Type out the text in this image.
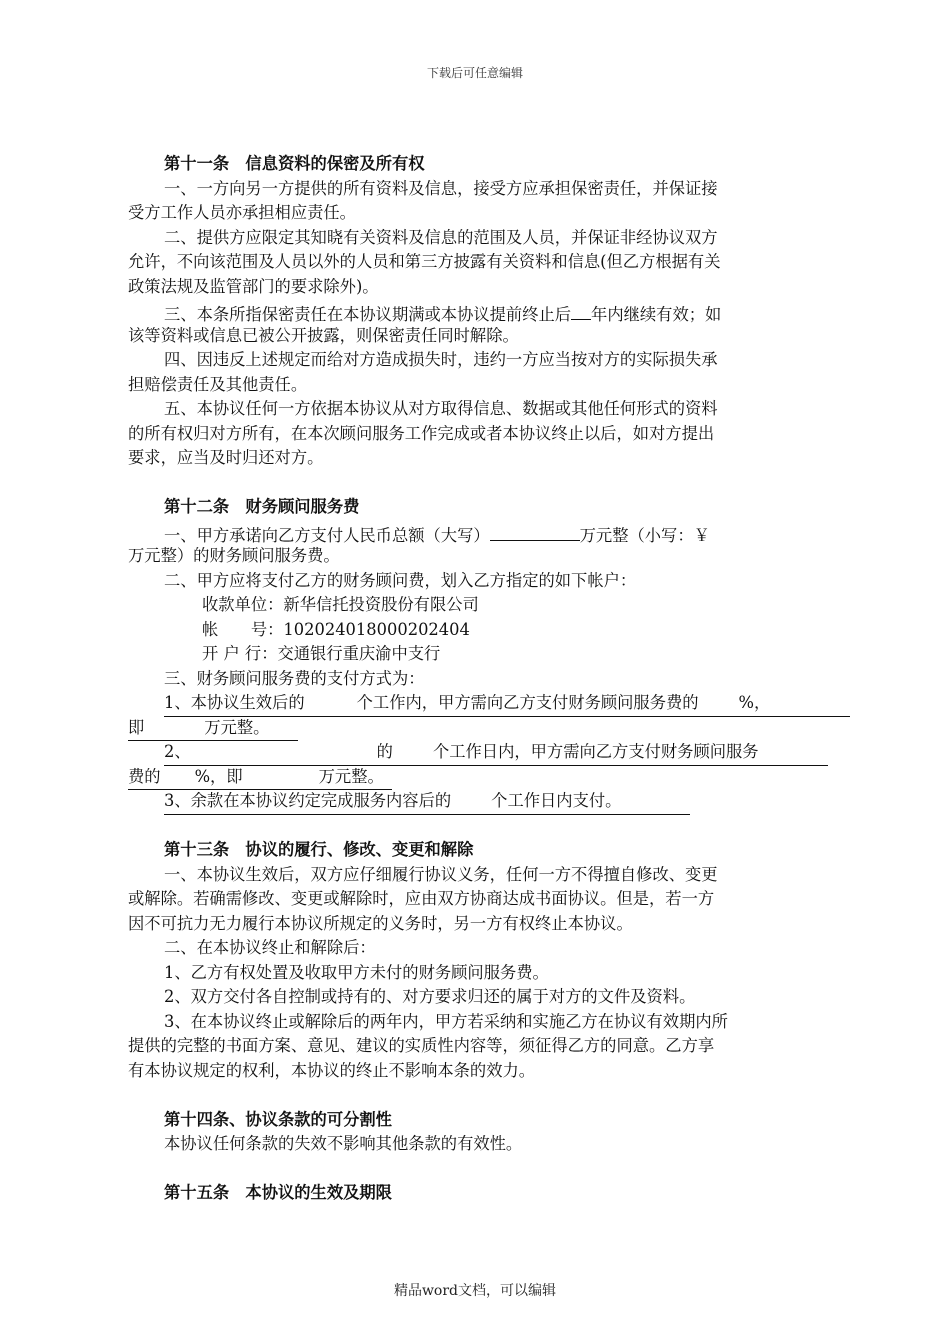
下载后可任意编辑
第十一条　信息资料的保密及所有权
一、一方向另一方提供的所有资料及信息，接受方应承担保密责任，并保证接
受方工作人员亦承担相应责任。
二、提供方应限定其知晓有关资料及信息的范围及人员，并保证非经协议双方
允许，不向该范围及人员以外的人员和第三方披露有关资料和信息(但乙方根据有关
政策法规及监管部门的要求除外)。
三、本条所指保密责任在本协议期满或本协议提前终止后 年内继续有效；如
该等资料或信息已被公开披露，则保密责任同时解除。
四、因违反上述规定而给对方造成损失时，违约一方应当按对方的实际损失承
担赔偿责任及其他责任。
五、本协议任何一方依据本协议从对方取得信息、数据或其他任何形式的资料
的所有权归对方所有，在本次顾问服务工作完成或者本协议终止以后，如对方提出
要求，应当及时归还对方。
第十二条　财务顾问服务费
一、甲方承诺向乙方支付人民币总额（大写）	万元整（小写：￥
万元整）的财务顾问服务费。
二、甲方应将支付乙方的财务顾问费，划入乙方指定的如下帐户：
收款单位：新华信托投资股份有限公司
帐　　号：102024018000202404
开 户 行：交通银行重庆渝中支行
三、财务顾问服务费的支付方式为：
1、本协议生效后的	个工作内，甲方需向乙方支付财务顾问服务费的 %，
即	万元整。
2、	的 个工作日内，甲方需向乙方支付财务顾问服务
费的 %，即	万元整。
3、余款在本协议约定完成服务内容后的 个工作日内支付。
第十三条　协议的履行、修改、变更和解除
一、本协议生效后，双方应仔细履行协议义务，任何一方不得擅自修改、变更
或解除。若确需修改、变更或解除时，应由双方协商达成书面协议。但是，若一方
因不可抗力无力履行本协议所规定的义务时，另一方有权终止本协议。
二、在本协议终止和解除后：
1、乙方有权处置及收取甲方未付的财务顾问服务费。
2、双方交付各自控制或持有的、对方要求归还的属于对方的文件及资料。
3、在本协议终止或解除后的两年内，甲方若采纳和实施乙方在协议有效期内所
提供的完整的书面方案、意见、建议的实质性内容等，须征得乙方的同意。乙方享
有本协议规定的权利，本协议的终止不影响本条的效力。
第十四条、协议条款的可分割性
本协议任何条款的失效不影响其他条款的有效性。
第十五条　本协议的生效及期限
精品word文档，可以编辑
